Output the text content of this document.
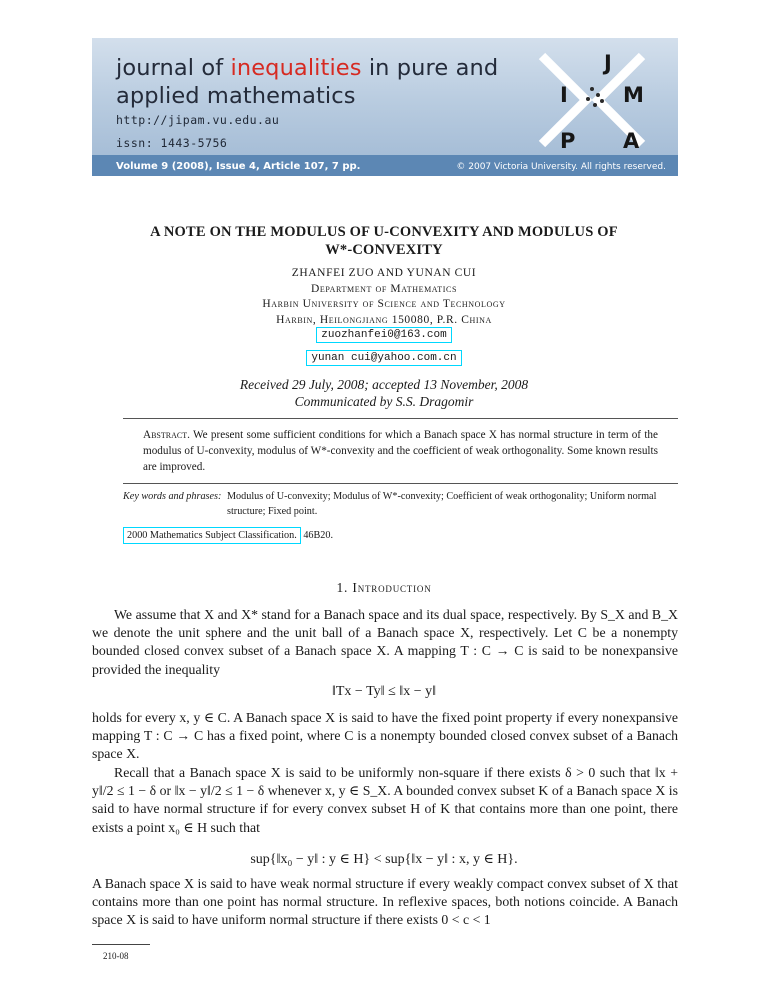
journal of inequalities in pure and
applied mathematics
http://jipam.vu.edu.au
issn: 1443-5756
J
I	M
P A
Volume 9 (2008), Issue 4, Article 107, 7 pp.	© 2007 Victoria University. All rights reserved.
A NOTE ON THE MODULUS OF U-CONVEXITY AND MODULUS OF
W*-CONVEXITY
ZHANFEI ZUO AND YUNAN CUI
Department of Mathematics
Harbin University of Science and Technology
Harbin, Heilongjiang 150080, P.R. China
zuozhanfei0@163.com
yunan cui@yahoo.com.cn
Received 29 July, 2008; accepted 13 November, 2008
Communicated by S.S. Dragomir
Abstract. We present some sufficient conditions for which a Banach space X has normal structure in term of the modulus of U-convexity, modulus of W*-convexity and the coefficient of weak orthogonality. Some known results are improved.
Key words and phrases: Modulus of U-convexity; Modulus of W*-convexity; Coefficient of weak orthogonality; Uniform normal structure; Fixed point.
2000 Mathematics Subject Classification. 46B20.
1. Introduction
We assume that X and X* stand for a Banach space and its dual space, respectively. By S_X and B_X we denote the unit sphere and the unit ball of a Banach space X, respectively. Let C be a nonempty bounded closed convex subset of a Banach space X. A mapping T : C → C is said to be nonexpansive provided the inequality
‖Tx − Ty‖ ≤ ‖x − y‖
holds for every x, y ∈ C. A Banach space X is said to have the fixed point property if every nonexpansive mapping T : C → C has a fixed point, where C is a nonempty bounded closed convex subset of a Banach space X.
Recall that a Banach space X is said to be uniformly non-square if there exists δ > 0 such that ‖x + y‖/2 ≤ 1 − δ or ‖x − y‖/2 ≤ 1 − δ whenever x, y ∈ S_X. A bounded convex subset K of a Banach space X is said to have normal structure if for every convex subset H of K that contains more than one point, there exists a point x₀ ∈ H such that
sup{‖x₀ − y‖ : y ∈ H} < sup{‖x − y‖ : x, y ∈ H}.
A Banach space X is said to have weak normal structure if every weakly compact convex subset of X that contains more than one point has normal structure. In reflexive spaces, both notions coincide. A Banach space X is said to have uniform normal structure if there exists 0 < c < 1
210-08
